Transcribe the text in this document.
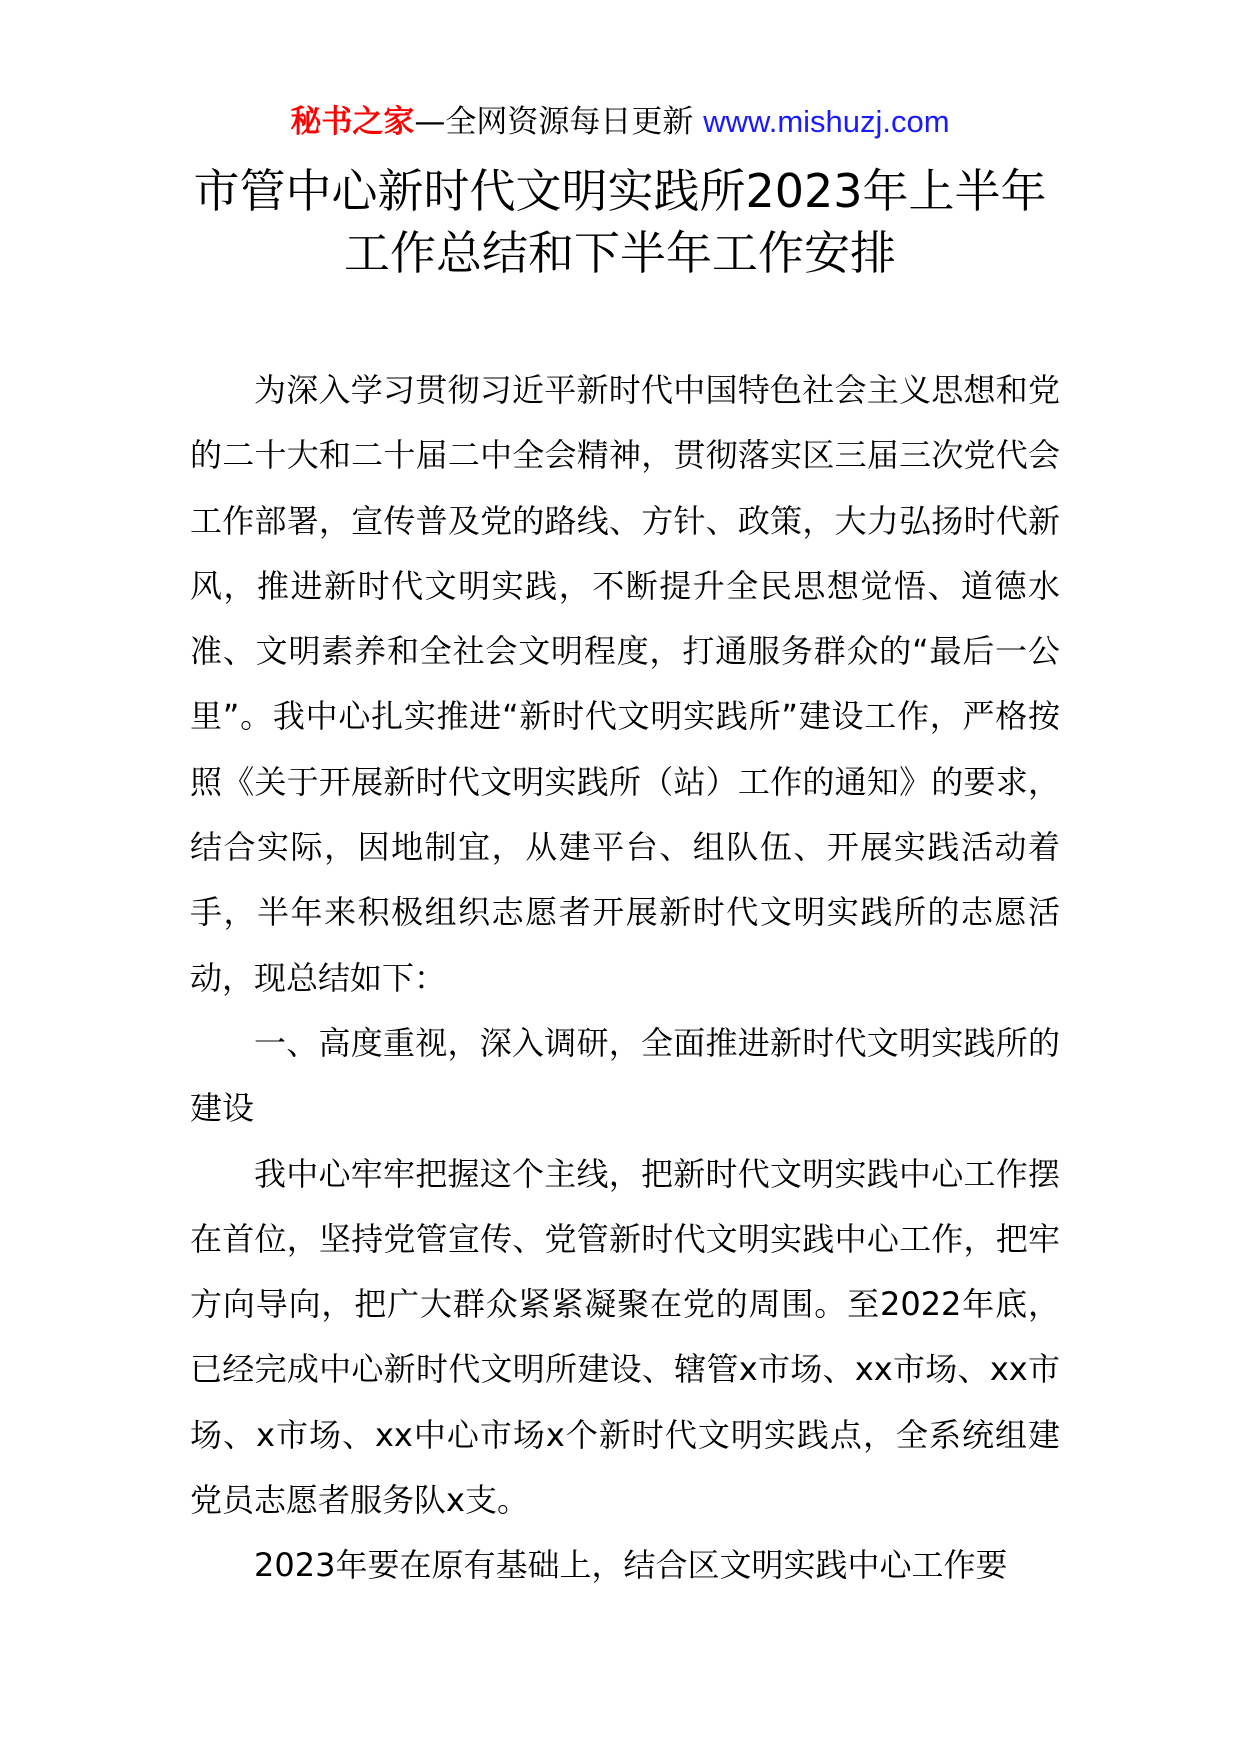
秘书之家—全网资源每日更新 www.mishuzj.com
市管中心新时代文明实践所2023年上半年
工作总结和下半年工作安排

为深入学习贯彻习近平新时代中国特色社会主义思想和党的二十大和二十届二中全会精神，贯彻落实区三届三次党代会工作部署，宣传普及党的路线、方针、政策，大力弘扬时代新风，推进新时代文明实践，不断提升全民思想觉悟、道德水准、文明素养和全社会文明程度，打通服务群众的“最后一公里”。我中心扎实推进“新时代文明实践所”建设工作，严格按照《关于开展新时代文明实践所（站）工作的通知》的要求，结合实际，因地制宜，从建平台、组队伍、开展实践活动着手，半年来积极组织志愿者开展新时代文明实践所的志愿活动，现总结如下：

一、高度重视，深入调研，全面推进新时代文明实践所的建设

我中心牢牢把握这个主线，把新时代文明实践中心工作摆在首位，坚持党管宣传、党管新时代文明实践中心工作，把牢方向导向，把广大群众紧紧凝聚在党的周围。至2022年底，已经完成中心新时代文明所建设、辖管x市场、xx市场、xx市场、x市场、xx中心市场x个新时代文明实践点，全系统组建党员志愿者服务队x支。

2023年要在原有基础上，结合区文明实践中心工作要
